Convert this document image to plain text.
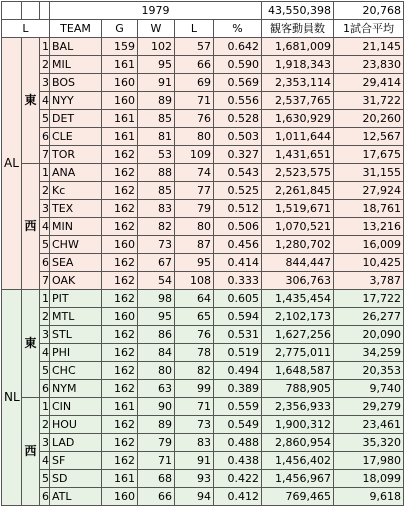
			1979					43,550,398	20,768
L			TEAM	G	W	L	%	観客動員数	1試合平均
AL	東	1	BAL	159	102	57	0.642	1,681,009	21,145
		2	MIL	161	95	66	0.590	1,918,343	23,830
		3	BOS	160	91	69	0.569	2,353,114	29,414
		4	NYY	160	89	71	0.556	2,537,765	31,722
		5	DET	161	85	76	0.528	1,630,929	20,260
		6	CLE	161	81	80	0.503	1,011,644	12,567
		7	TOR	162	53	109	0.327	1,431,651	17,675
	西	1	ANA	162	88	74	0.543	2,523,575	31,155
		2	Kc	162	85	77	0.525	2,261,845	27,924
		3	TEX	162	83	79	0.512	1,519,671	18,761
		4	MIN	162	82	80	0.506	1,070,521	13,216
		5	CHW	160	73	87	0.456	1,280,702	16,009
		6	SEA	162	67	95	0.414	844,447	10,425
		7	OAK	162	54	108	0.333	306,763	3,787
NL	東	1	PIT	162	98	64	0.605	1,435,454	17,722
		2	MTL	160	95	65	0.594	2,102,173	26,277
		3	STL	162	86	76	0.531	1,627,256	20,090
		4	PHI	162	84	78	0.519	2,775,011	34,259
		5	CHC	162	80	82	0.494	1,648,587	20,353
		6	NYM	162	63	99	0.389	788,905	9,740
	西	1	CIN	161	90	71	0.559	2,356,933	29,279
		2	HOU	162	89	73	0.549	1,900,312	23,461
		3	LAD	162	79	83	0.488	2,860,954	35,320
		4	SF	162	71	91	0.438	1,456,402	17,980
		5	SD	161	68	93	0.422	1,456,967	18,099
		6	ATL	160	66	94	0.412	769,465	9,618
